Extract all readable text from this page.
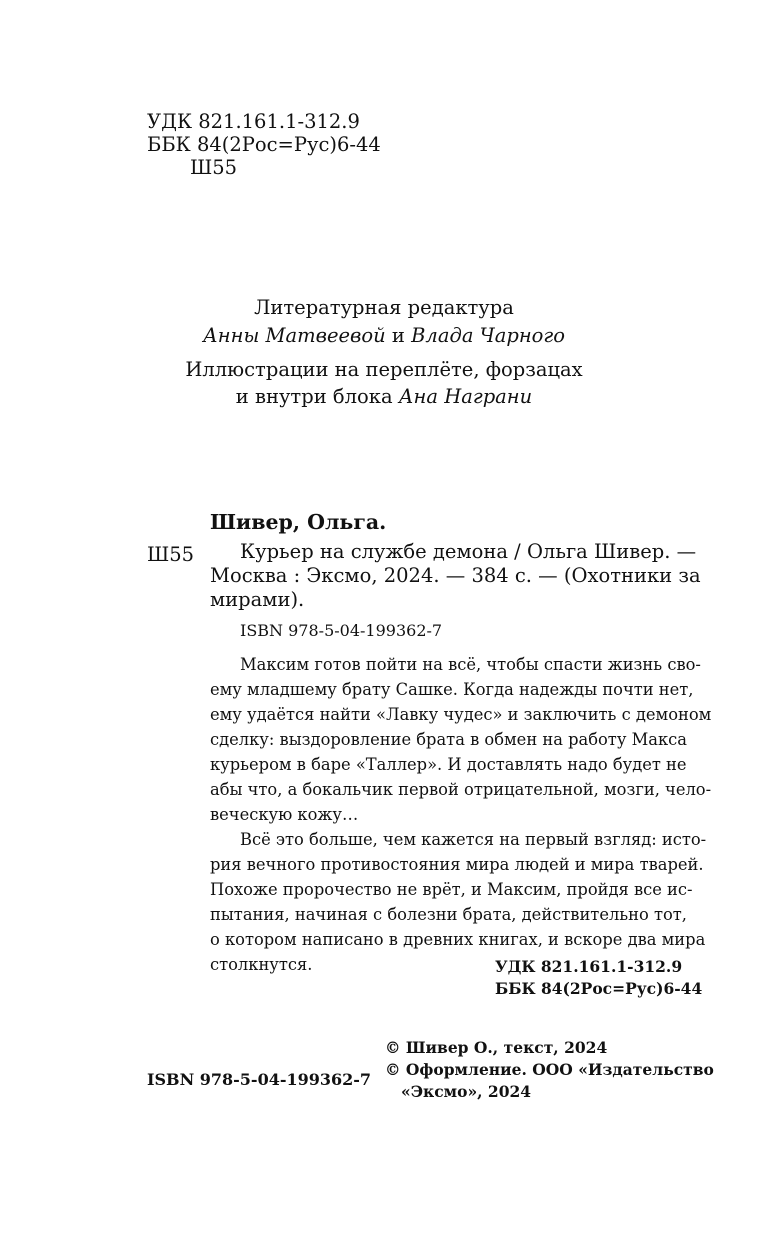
УДК 821.161.1-312.9
ББК 84(2Рос=Рус)6-44
Ш55
Литературная редактура
Анны Матвеевой и Влада Чарного
Иллюстрации на переплёте, форзацах
и внутри блока Ана Награни
Шивер, Ольга.
Ш55 Курьер на службе демона / Ольга Шивер. —
Москва : Эксмо, 2024. — 384 с. — (Охотники за
мирами).
ISBN 978-5-04-199362-7
Максим готов пойти на всё, чтобы спасти жизнь сво-
ему младшему брату Сашке. Когда надежды почти нет,
ему удаётся найти «Лавку чудес» и заключить с демоном
сделку: выздоровление брата в обмен на работу Макса
курьером в баре «Таллер». И доставлять надо будет не
абы что, а бокальчик первой отрицательной, мозги, чело-
веческую кожу…
Всё это больше, чем кажется на первый взгляд: исто-
рия вечного противостояния мира людей и мира тварей.
Похоже пророчество не врёт, и Максим, пройдя все ис-
пытания, начиная с болезни брата, действительно тот,
о котором написано в древних книгах, и вскоре два мира
столкнутся.	УДК 821.161.1-312.9
ББК 84(2Рос=Рус)6-44
© Шивер О., текст, 2024
© Оформление. ООО «Издательство
«Эксмо», 2024
ISBN 978-5-04-199362-7
